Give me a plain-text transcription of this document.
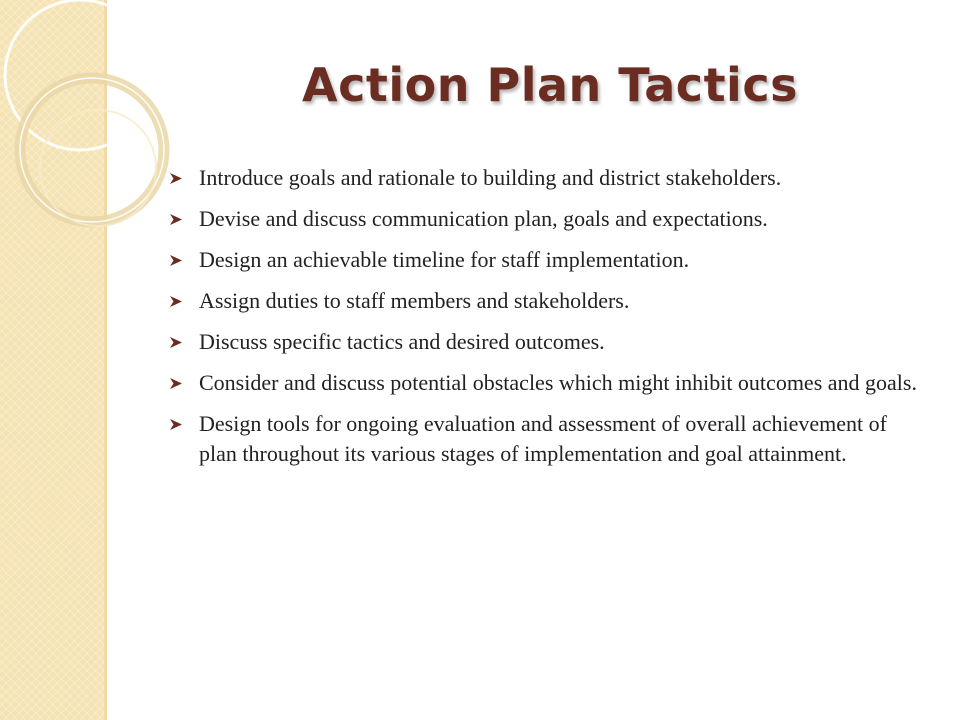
Action Plan Tactics
Introduce goals and rationale to building and district stakeholders.
Devise and discuss communication plan, goals and expectations.
Design an achievable timeline for staff implementation.
Assign duties to staff members and stakeholders.
Discuss specific tactics and desired outcomes.
Consider and discuss potential obstacles which might inhibit outcomes and goals.
Design tools for ongoing evaluation and assessment of overall achievement of plan throughout its various stages of implementation and goal attainment.
